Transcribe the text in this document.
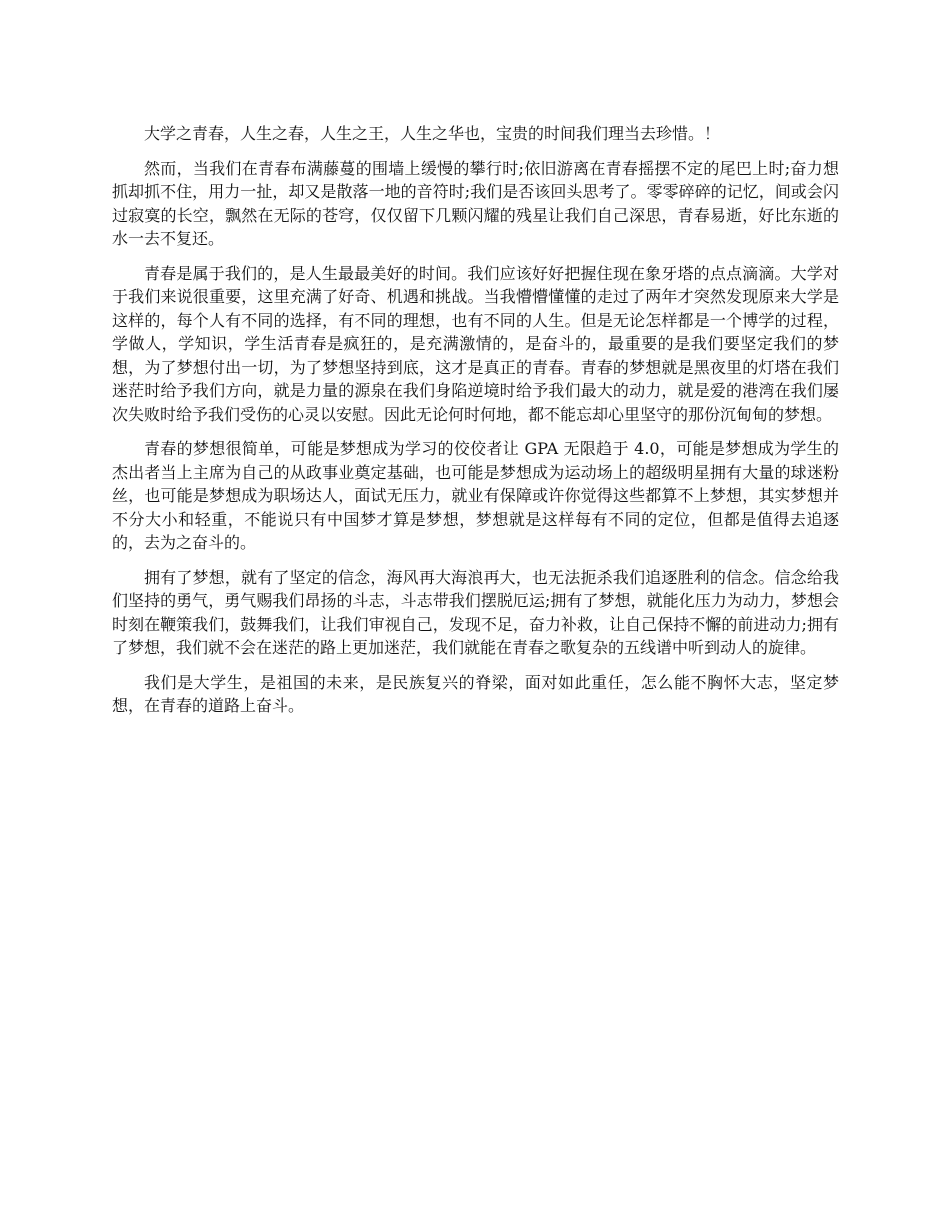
大学之青春，人生之春，人生之王，人生之华也，宝贵的时间我们理当去珍惜。！

然而，当我们在青春布满藤蔓的围墙上缓慢的攀行时;依旧游离在青春摇摆不定的尾巴上时;奋力想抓却抓不住，用力一扯，却又是散落一地的音符时;我们是否该回头思考了。零零碎碎的记忆，间或会闪过寂寞的长空，飘然在无际的苍穹，仅仅留下几颗闪耀的残星让我们自己深思，青春易逝，好比东逝的水一去不复还。

青春是属于我们的，是人生最最美好的时间。我们应该好好把握住现在象牙塔的点点滴滴。大学对于我们来说很重要，这里充满了好奇、机遇和挑战。当我懵懵懂懂的走过了两年才突然发现原来大学是这样的，每个人有不同的选择，有不同的理想，也有不同的人生。但是无论怎样都是一个博学的过程，学做人，学知识，学生活青春是疯狂的，是充满激情的，是奋斗的，最重要的是我们要坚定我们的梦想，为了梦想付出一切，为了梦想坚持到底，这才是真正的青春。青春的梦想就是黑夜里的灯塔在我们迷茫时给予我们方向，就是力量的源泉在我们身陷逆境时给予我们最大的动力，就是爱的港湾在我们屡次失败时给予我们受伤的心灵以安慰。因此无论何时何地，都不能忘却心里坚守的那份沉甸甸的梦想。

青春的梦想很简单，可能是梦想成为学习的佼佼者让 GPA 无限趋于 4.0，可能是梦想成为学生的杰出者当上主席为自己的从政事业奠定基础，也可能是梦想成为运动场上的超级明星拥有大量的球迷粉丝，也可能是梦想成为职场达人，面试无压力，就业有保障或许你觉得这些都算不上梦想，其实梦想并不分大小和轻重，不能说只有中国梦才算是梦想，梦想就是这样每有不同的定位，但都是值得去追逐的，去为之奋斗的。

拥有了梦想，就有了坚定的信念，海风再大海浪再大，也无法扼杀我们追逐胜利的信念。信念给我们坚持的勇气，勇气赐我们昂扬的斗志，斗志带我们摆脱厄运;拥有了梦想，就能化压力为动力，梦想会时刻在鞭策我们，鼓舞我们，让我们审视自己，发现不足，奋力补救，让自己保持不懈的前进动力;拥有了梦想，我们就不会在迷茫的路上更加迷茫，我们就能在青春之歌复杂的五线谱中听到动人的旋律。

我们是大学生，是祖国的未来，是民族复兴的脊梁，面对如此重任，怎么能不胸怀大志，坚定梦想，在青春的道路上奋斗。
